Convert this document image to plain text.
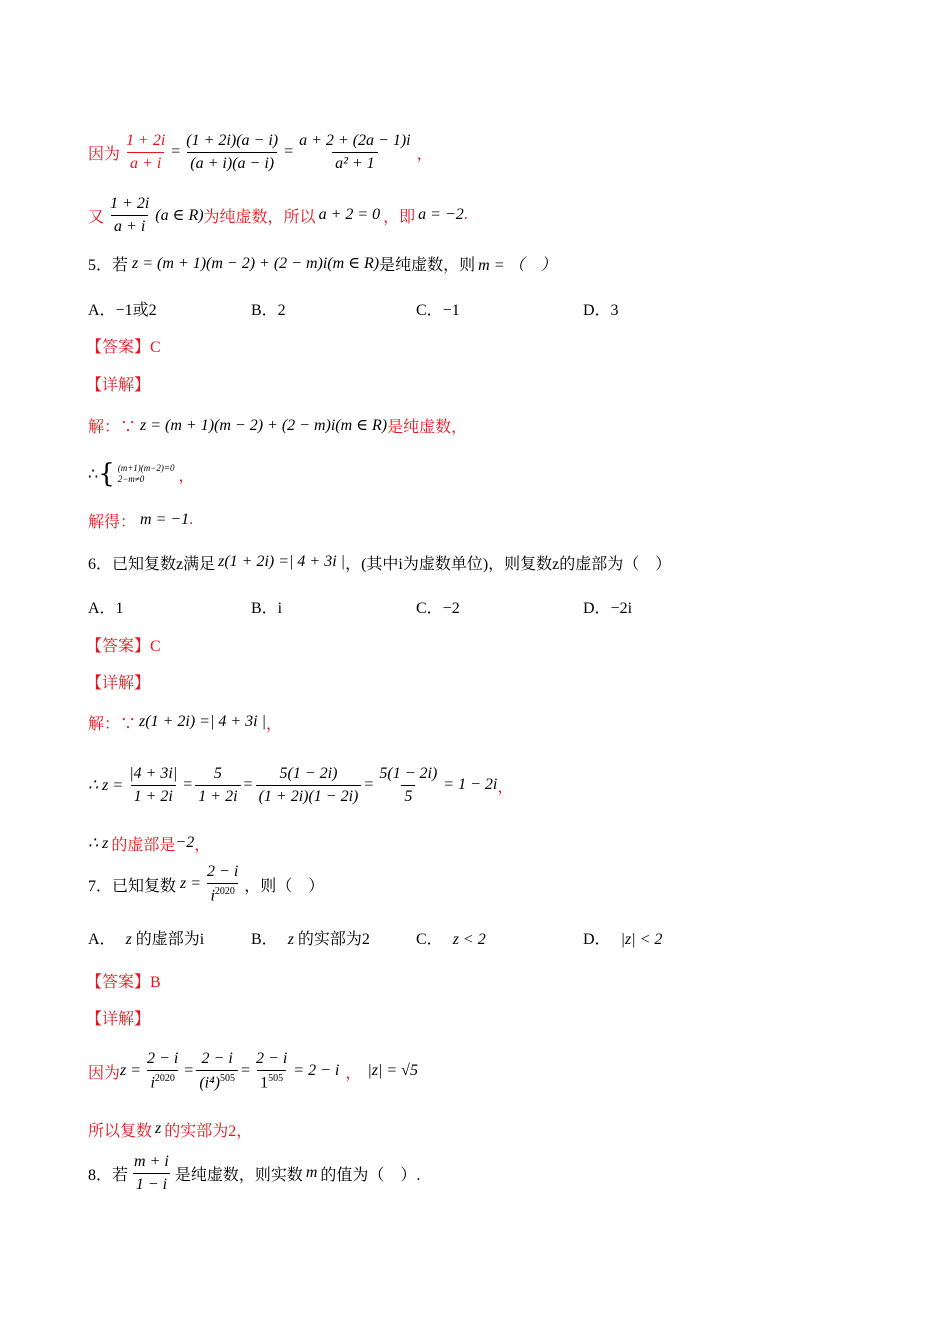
因为 $\frac{1 + 2i}{a + i} = \frac{(1 + 2i)(a - i)}{(a + i)(a - i)} = \frac{a + 2 + (2a - 1)i}{\text{a² + 1}}$ ，
又 $\frac{1 + 2i}{a + i} (a$ ∈ R) 为纯虚数，所以 a + 2 = 0 ，即 a = −2 .
5．若 z = (m + 1)(m − 2) + (2 − m)i(m ∈ R) 是纯虚数，则 m = （　）
A．−1或2	B．2	C．−1	D．3
【答案】C
【详解】
解：∵ z = (m + 1)(m − 2) + (2 − m)i(m ∈ R) 是纯虚数，
∴ { (m+1)(m−2)=0
2−m≠0	，
解得： m = −1 .
6．已知复数z满足 z(1 + 2i) =| 4 + 3i | ，(其中i为虚数单位)，则复数z的虚部为（　）
A．1	B．i	C．−2	D．−2i
【答案】C
【详解】
解：∵ z(1 + 2i) =| 4 + 3i | ，
∴ $z = \frac{|4 + 3i|}{1 + 2i} = \frac{5}{1 + 2i} = \frac{5(1 - 2i)}{(1 + 2i)(1 - 2i)} = \frac{5(1 - 2i)}{5} = 1 - 2i$ ，
∴ z 的虚部是 −2 ，
7．已知复数 $z = \frac{2 - i}{i^{2020}}$ ，则（　）
A． z 的虚部为i	B． z 的实部为2	C． z < 2	D． |z| < 2
【答案】B
【详解】
因为 $z = \frac{2 - i}{i^{2020}} = \frac{2 - i}{(i^4)^{505}} = \frac{2 - i}{1^{505}} = 2 - i$ ， |z| = √5
所以复数 z 的实部为2，
8．若 $\frac{m + i}{1 - i}$ 是纯虚数，则实数 m 的值为（　）.
